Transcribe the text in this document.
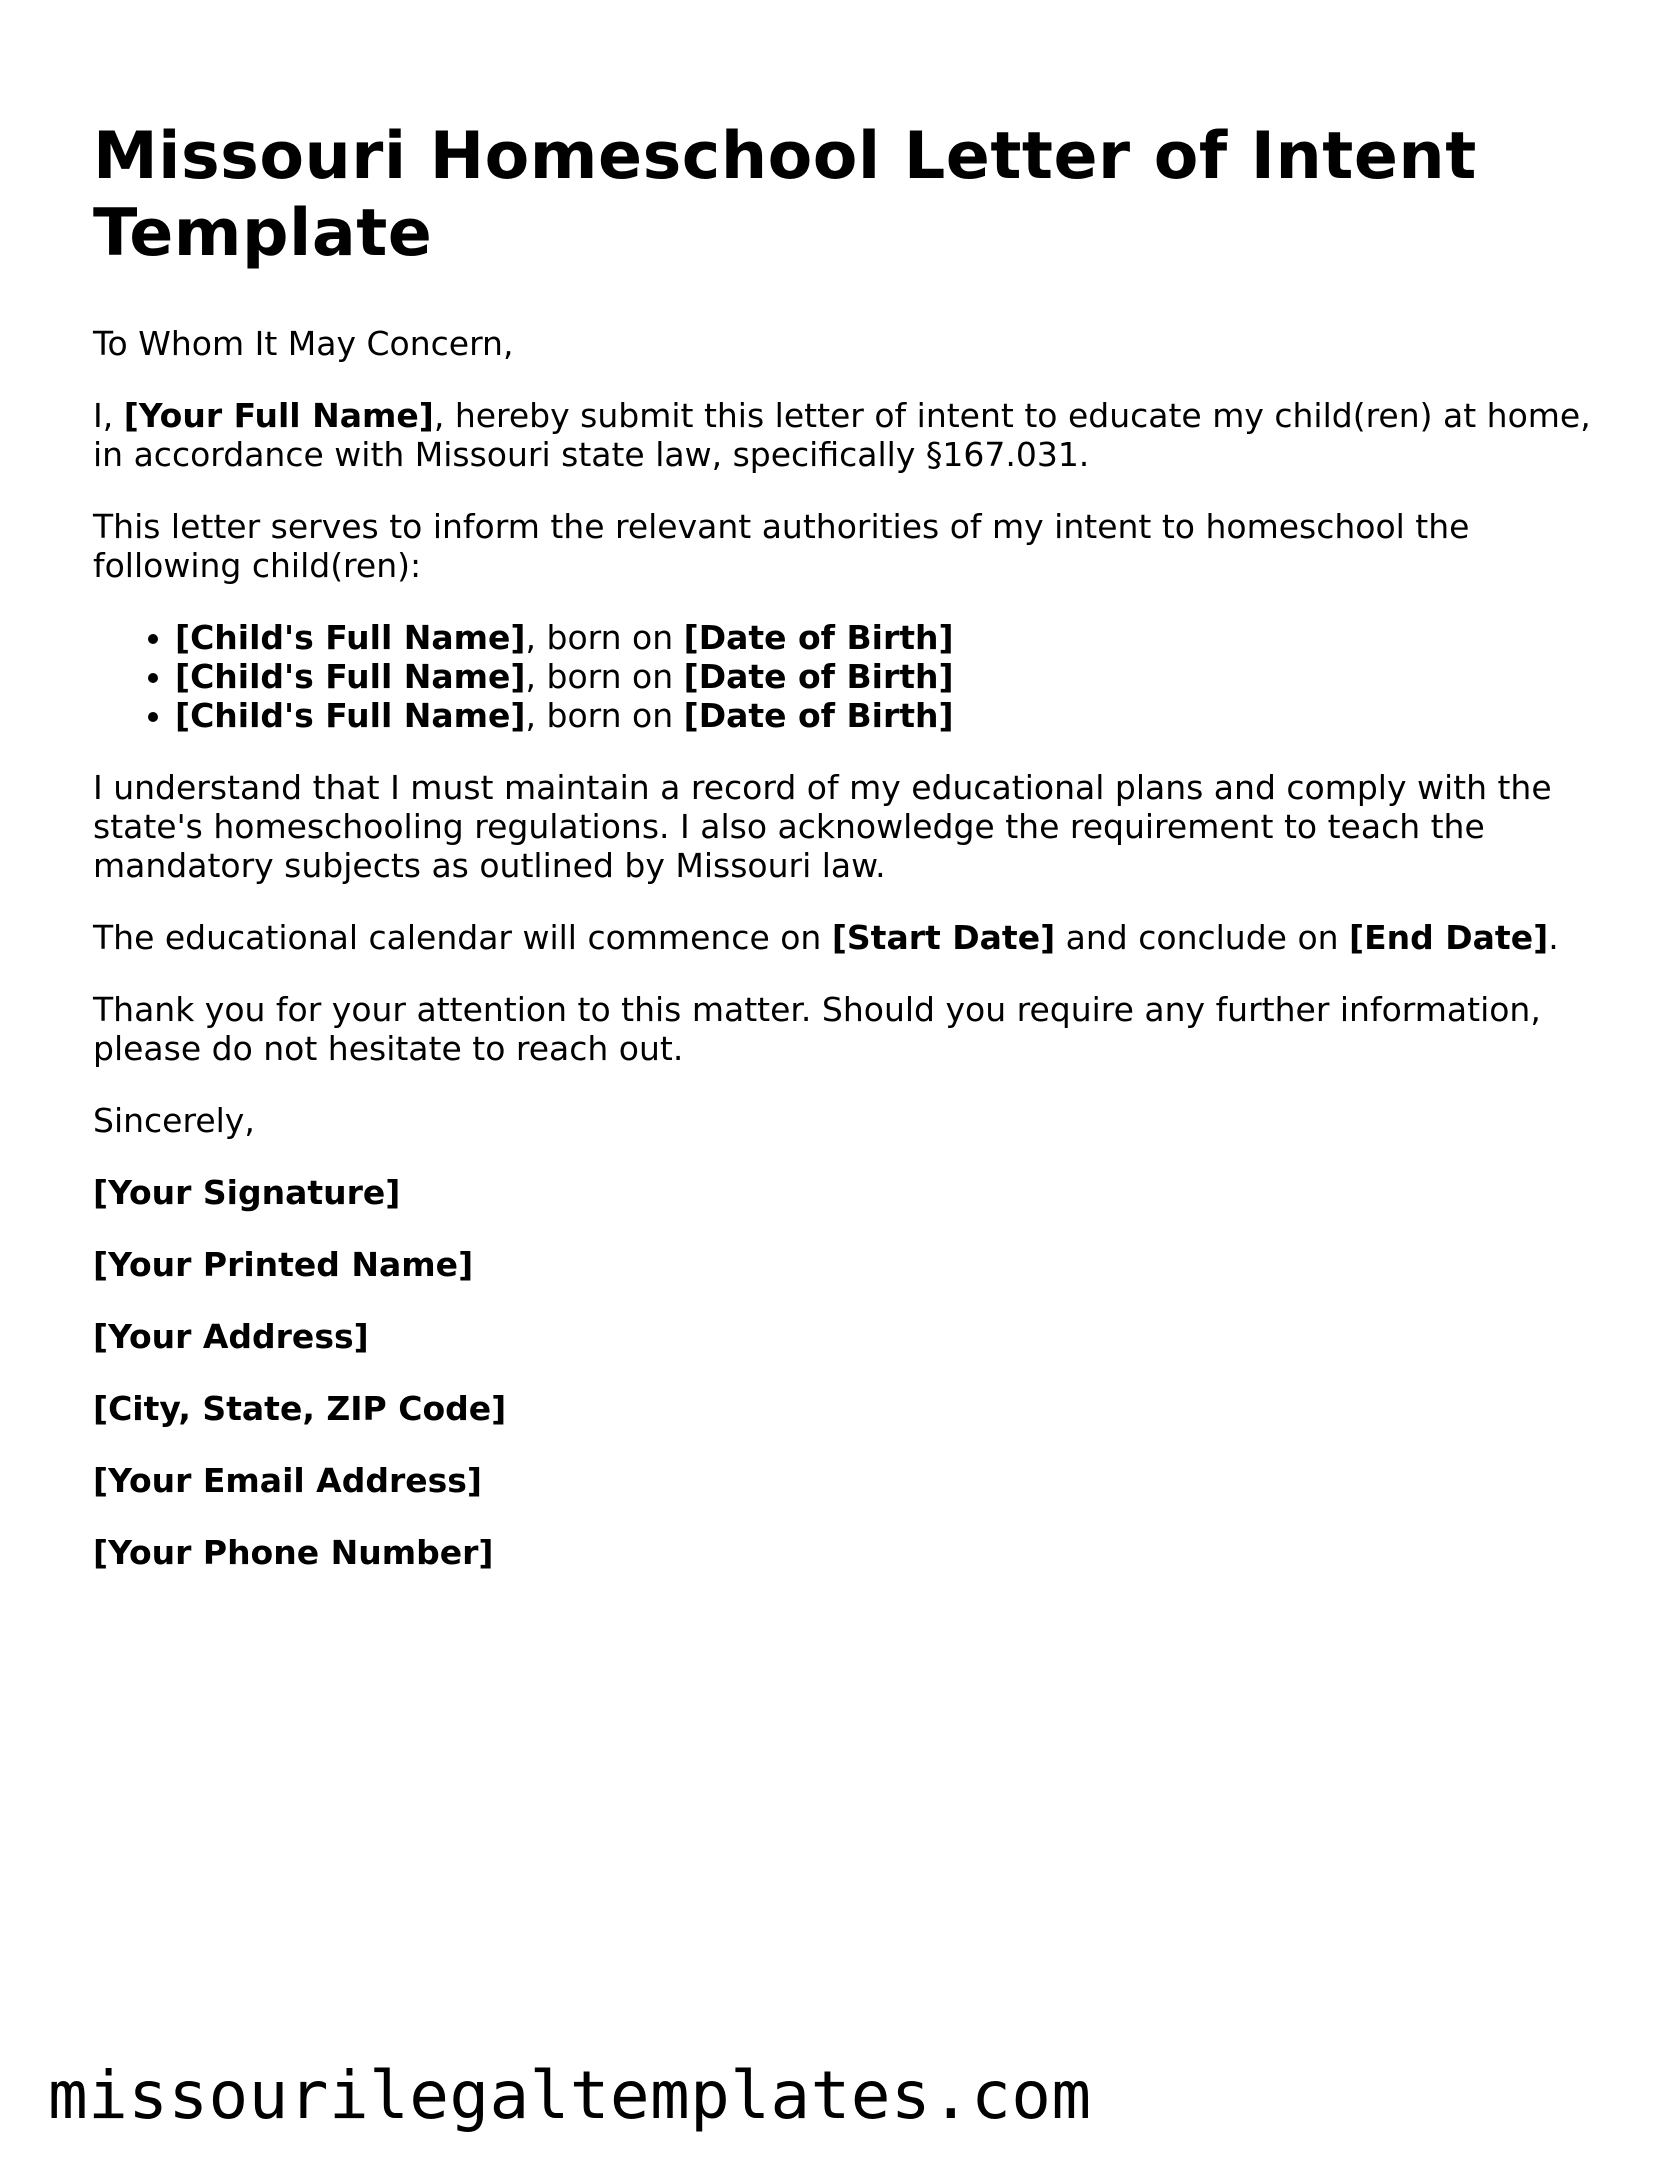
Missouri Homeschool Letter of Intent Template

To Whom It May Concern,

I, [Your Full Name], hereby submit this letter of intent to educate my child(ren) at home, in accordance with Missouri state law, specifically §167.031.

This letter serves to inform the relevant authorities of my intent to homeschool the following child(ren):

• [Child's Full Name], born on [Date of Birth]
• [Child's Full Name], born on [Date of Birth]
• [Child's Full Name], born on [Date of Birth]

I understand that I must maintain a record of my educational plans and comply with the state's homeschooling regulations. I also acknowledge the requirement to teach the mandatory subjects as outlined by Missouri law.

The educational calendar will commence on [Start Date] and conclude on [End Date].

Thank you for your attention to this matter. Should you require any further information, please do not hesitate to reach out.

Sincerely,

[Your Signature]

[Your Printed Name]

[Your Address]

[City, State, ZIP Code]

[Your Email Address]

[Your Phone Number]

missourilegaltemplates.com
